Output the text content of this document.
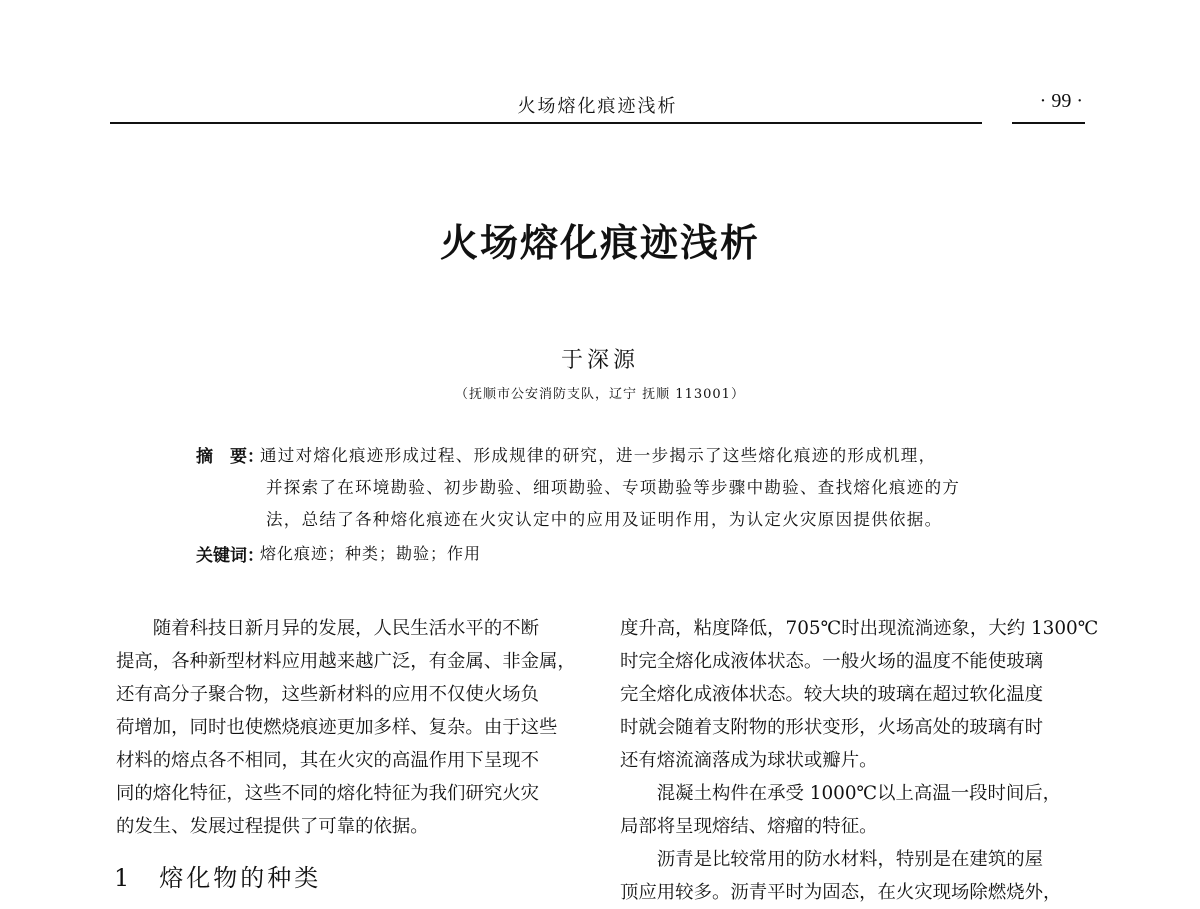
火场熔化痕迹浅析	· 99 ·
火场熔化痕迹浅析
于深源
（抚顺市公安消防支队，辽宁 抚顺 113001）
摘　要：
通过对熔化痕迹形成过程、形成规律的研究，进一步揭示了这些熔化痕迹的形成机理，
并探索了在环境勘验、初步勘验、细项勘验、专项勘验等步骤中勘验、查找熔化痕迹的方
法，总结了各种熔化痕迹在火灾认定中的应用及证明作用，为认定火灾原因提供依据。
关键词：
熔化痕迹；种类；勘验；作用

　　随着科技日新月异的发展，人民生活水平的不断

提高，各种新型材料应用越来越广泛，有金属、非金属，

还有高分子聚合物，这些新材料的应用不仅使火场负

荷增加，同时也使燃烧痕迹更加多样、复杂。由于这些

材料的熔点各不相同，其在火灾的高温作用下呈现不

同的熔化特征，这些不同的熔化特征为我们研究火灾

的发生、发展过程提供了可靠的依据。

1　熔化物的种类

度升高，粘度降低，705℃时出现流淌迹象，大约 1300℃

时完全熔化成液体状态。一般火场的温度不能使玻璃

完全熔化成液体状态。较大块的玻璃在超过软化温度

时就会随着支附物的形状变形，火场高处的玻璃有时

还有熔流滴落成为球状或瓣片。

　　混凝土构件在承受 1000℃以上高温一段时间后，

局部将呈现熔结、熔瘤的特征。

　　沥青是比较常用的防水材料，特别是在建筑的屋

顶应用较多。沥青平时为固态，在火灾现场除燃烧外，
